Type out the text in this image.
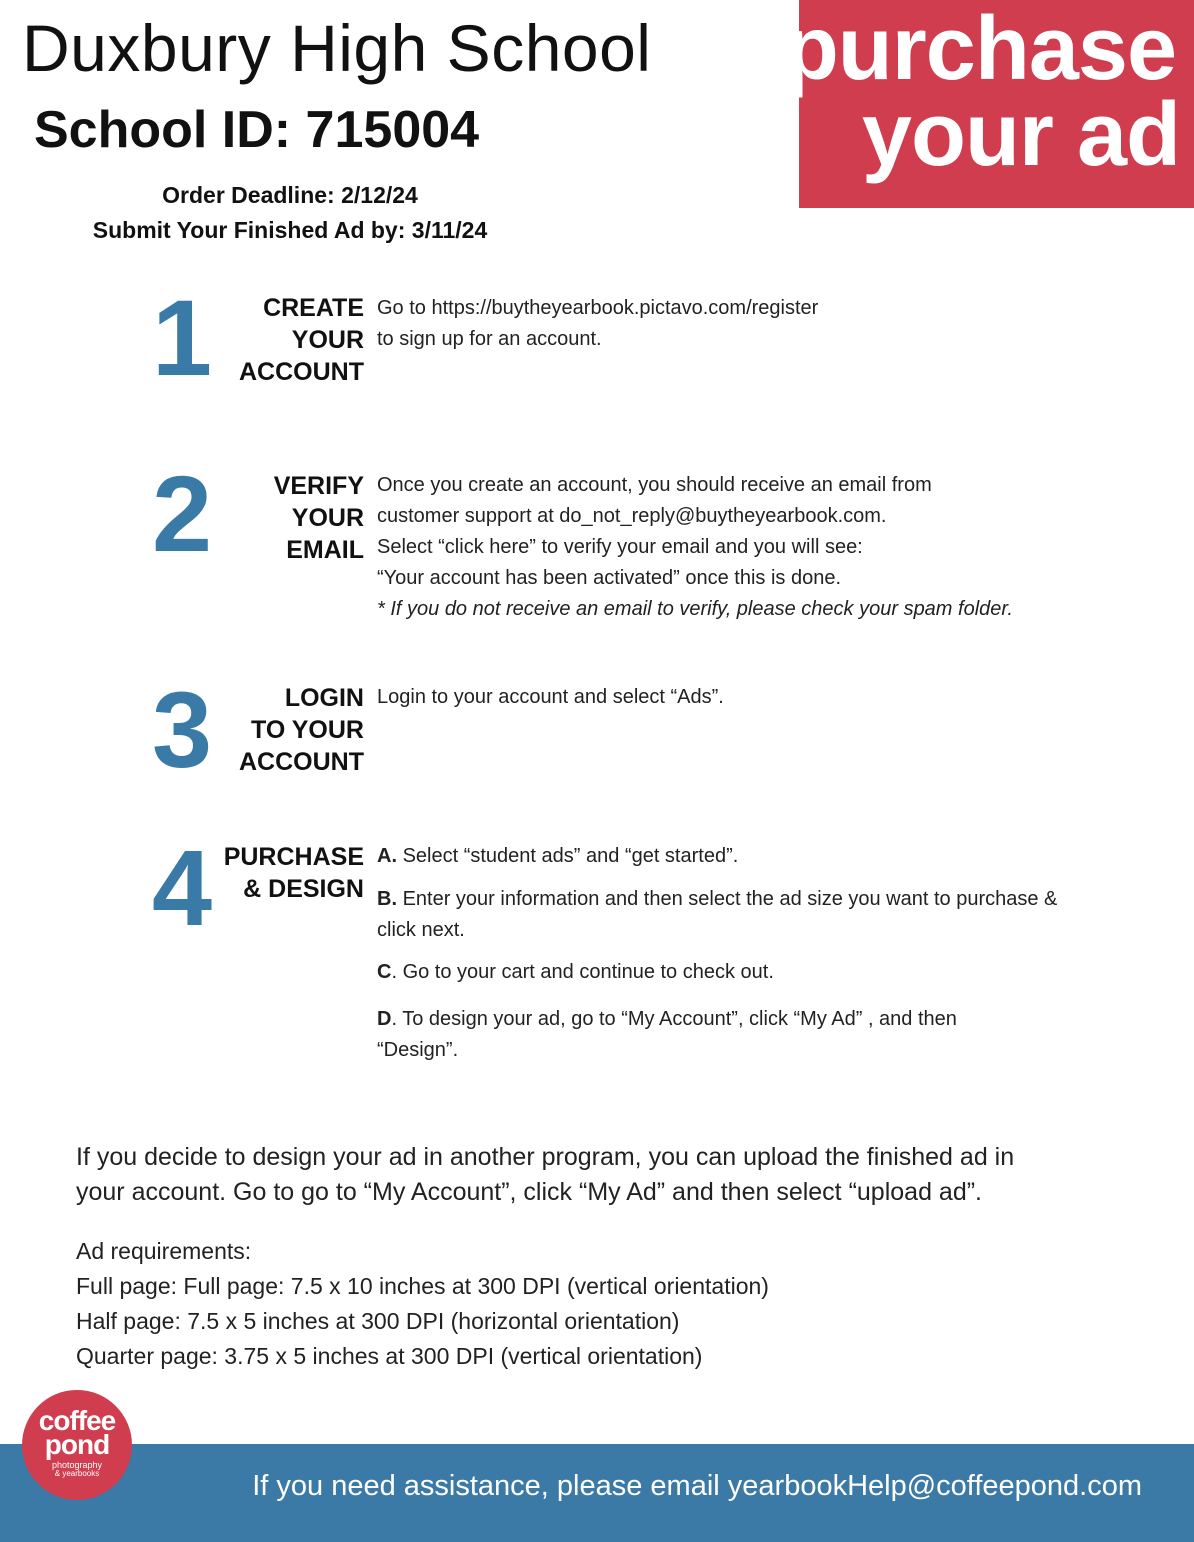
Duxbury High School
School ID: 715004
Order Deadline: 2/12/24
Submit Your Finished Ad by: 3/11/24
purchase
your ad
1	CREATE
YOUR
ACCOUNT

Go to https://buytheyearbook.pictavo.com/register

to sign up for an account.

2	VERIFY
YOUR
EMAIL

Once you create an account, you should receive an email from

customer support at do_not_reply@buytheyearbook.com.

Select “click here” to verify your email and you will see:

“Your account has been activated” once this is done.

* If you do not receive an email to verify, please check your spam folder.

3	LOGIN
TO YOUR
ACCOUNT

Login to your account and select “Ads”.

4 PURCHASE
& DESIGN

A. Select “student ads” and “get started”.

B. Enter your information and then select the ad size you want to purchase &

click next.

C. Go to your cart and continue to check out.

D. To design your ad, go to “My Account”, click “My Ad” , and then

“Design”.

If you decide to design your ad in another program, you can upload the finished ad in

your account. Go to go to “My Account”, click “My Ad” and then select “upload ad”.

Ad requirements:

Full page: Full page: 7.5 x 10 inches at 300 DPI (vertical orientation)

Half page: 7.5 x 5 inches at 300 DPI (horizontal orientation)

Quarter page: 3.75 x 5 inches at 300 DPI (vertical orientation)

If you need assistance, please email yearbookHelp@coffeepond.com
coffee
pond
photography
& yearbooks
